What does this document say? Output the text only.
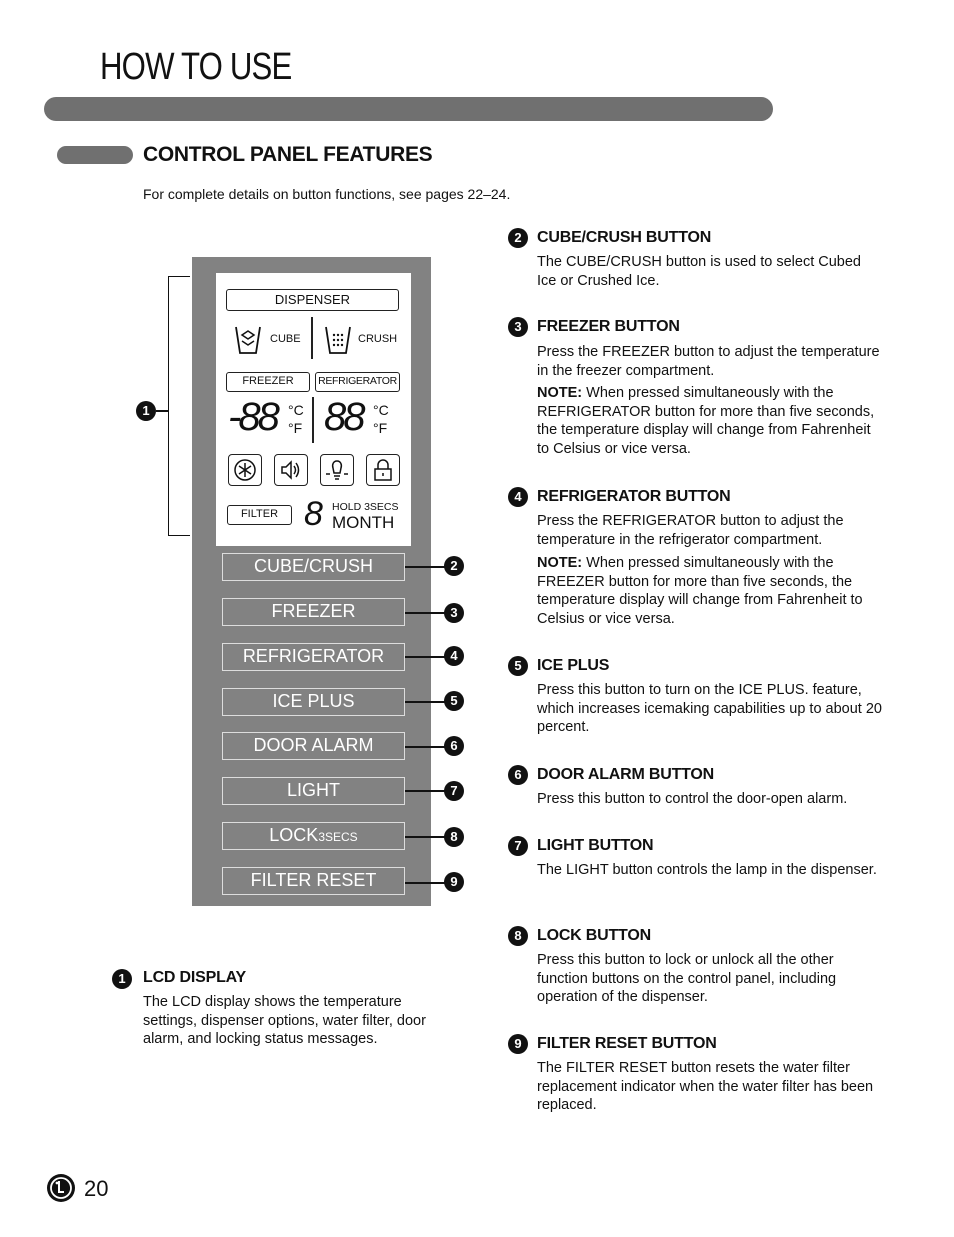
HOW TO USE
CONTROL PANEL FEATURES
For complete details on button functions, see pages 22–24.
1
DISPENSER
CUBE	CRUSH
FREEZER	REFRIGERATOR
-88 °C
°F 88 °C
°F
FILTER 8 HOLD 3SECS
MONTH
CUBE/CRUSH
FREEZER
REFRIGERATOR
ICE PLUS
DOOR ALARM
LIGHT
LOCK3SECS
FILTER RESET
2
3
4
5
6
7
8
9
1	LCD DISPLAY
The LCD display shows the temperature settings, dispenser options, water filter, door alarm, and locking status messages.
2 CUBE/CRUSH BUTTON
The CUBE/CRUSH button is used to select Cubed Ice or Crushed Ice.
3 FREEZER BUTTON
Press the FREEZER button to adjust the temperature in the freezer compartment.
NOTE: When pressed simultaneously with the REFRIGERATOR button for more than five seconds, the temperature display will change from Fahrenheit to Celsius or vice versa.
4 REFRIGERATOR BUTTON
Press the REFRIGERATOR button to adjust the temperature in the refrigerator compartment.
NOTE: When pressed simultaneously with the FREEZER button for more than five seconds, the temperature display will change from Fahrenheit to Celsius or vice versa.
5 ICE PLUS
Press this button to turn on the ICE PLUS. feature, which increases icemaking capabilities up to about 20 percent.
6 DOOR ALARM BUTTON
Press this button to control the door-open alarm.
7 LIGHT BUTTON
The LIGHT button controls the lamp in the dispenser.
8 LOCK BUTTON
Press this button to lock or unlock all the other function buttons on the control panel, including operation of the dispenser.
9 FILTER RESET BUTTON
The FILTER RESET button resets the water filter replacement indicator when the water filter has been replaced.
20
